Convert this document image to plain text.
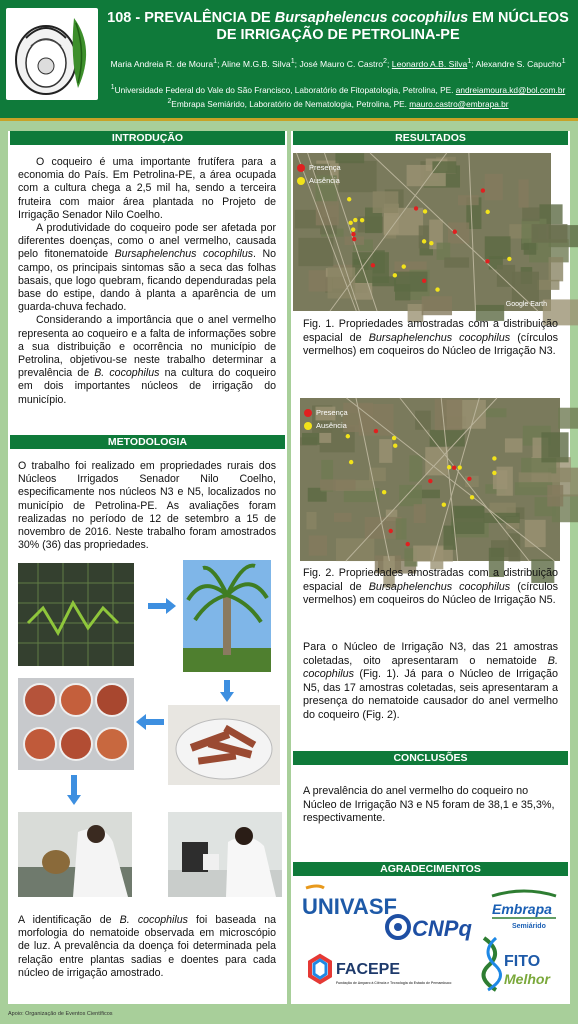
108 - PREVALÊNCIA DE Bursaphelencus cocophilus EM NÚCLEOS DE IRRIGAÇÃO DE PETROLINA-PE
Maria Andreia R. de Moura$^1$; Aline M.G.B. Silva$^1$; José Mauro C. Castro$^2$; Leonardo A.B. Silva$^1$; Alexandre S. Capucho$^1$
$^1$Universidade Federal do Vale do São Francisco, Laboratório de Fitopatologia, Petrolina, PE. andreiamoura.kd@bol.com.br
$^2$Embrapa Semiárido, Laboratório de Nematologia, Petrolina, PE. mauro.castro@embrapa.br
INTRODUÇÃO

O coqueiro é uma importante frutífera para a economia do País. Em Petrolina-PE, a área ocupada com a cultura chega a 2,5 mil ha, sendo a terceira fruteira com maior área plantada no Projeto de Irrigação Senador Nilo Coelho.

A produtividade do coqueiro pode ser afetada por diferentes doenças, como o anel vermelho, causada pelo fitonematoide Bursaphelenchus cocophilus. No campo, os principais sintomas são a seca das folhas basais, que logo quebram, ficando dependuradas pela base do estipe, dando à planta a aparência de um guarda-chuva fechado.

Considerando a importância que o anel vermelho representa ao coqueiro e a falta de informações sobre a sua distribuição e ocorrência no município de Petrolina, objetivou-se neste trabalho determinar a prevalência de B. cocophilus na cultura do coqueiro em dois importantes núcleos de irrigação do município.

METODOLOGIA
O trabalho foi realizado em propriedades rurais dos Núcleos Irrigados Senador Nilo Coelho, especificamente nos núcleos N3 e N5, localizados no município de Petrolina-PE. As avaliações foram realizadas no período de 12 de setembro a 15 de novembro de 2016. Neste trabalho foram amostrados 30% (36) das propriedades.
A identificação de B. cocophilus foi baseada na morfologia do nematoide observada em microscópio de luz. A prevalência da doença foi determinada pela relação entre plantas sadias e doentes para cada núcleo de irrigação amostrado.
RESULTADOS
Presença
Ausência
Google Earth
Fig. 1. Propriedades amostradas com a distribuição espacial de Bursaphelenchus cocophilus (círculos vermelhos) em coqueiros do Núcleo de Irrigação N3.
Presença
Ausência
Fig. 2. Propriedades amostradas com a distribuição espacial de Bursaphelenchus cocophilus (círculos vermelhos) em coqueiros do Núcleo de Irrigação N5.
Para o Núcleo de Irrigação N3, das 21 amostras coletadas, oito apresentaram o nematoide B. cocophilus (Fig. 1). Já para o Núcleo de Irrigação N5, das 17 amostras coletadas, seis apresentaram a presença do nematoide causador do anel vermelho do coqueiro (Fig. 2).
CONCLUSÕES
A prevalência do anel vermelho do coqueiro no Núcleo de Irrigação N3 e N5 foram de 38,1 e 35,3%, respectivamente.
AGRADECIMENTOS
UNIVASF	Embrapa
Semiárido
CNPq
FACEPE
Fundação de Amparo à Ciência e Tecnologia do Estado de Pernambuco
FITO
Melhor
Apoio: Organização de Eventos Científicos
